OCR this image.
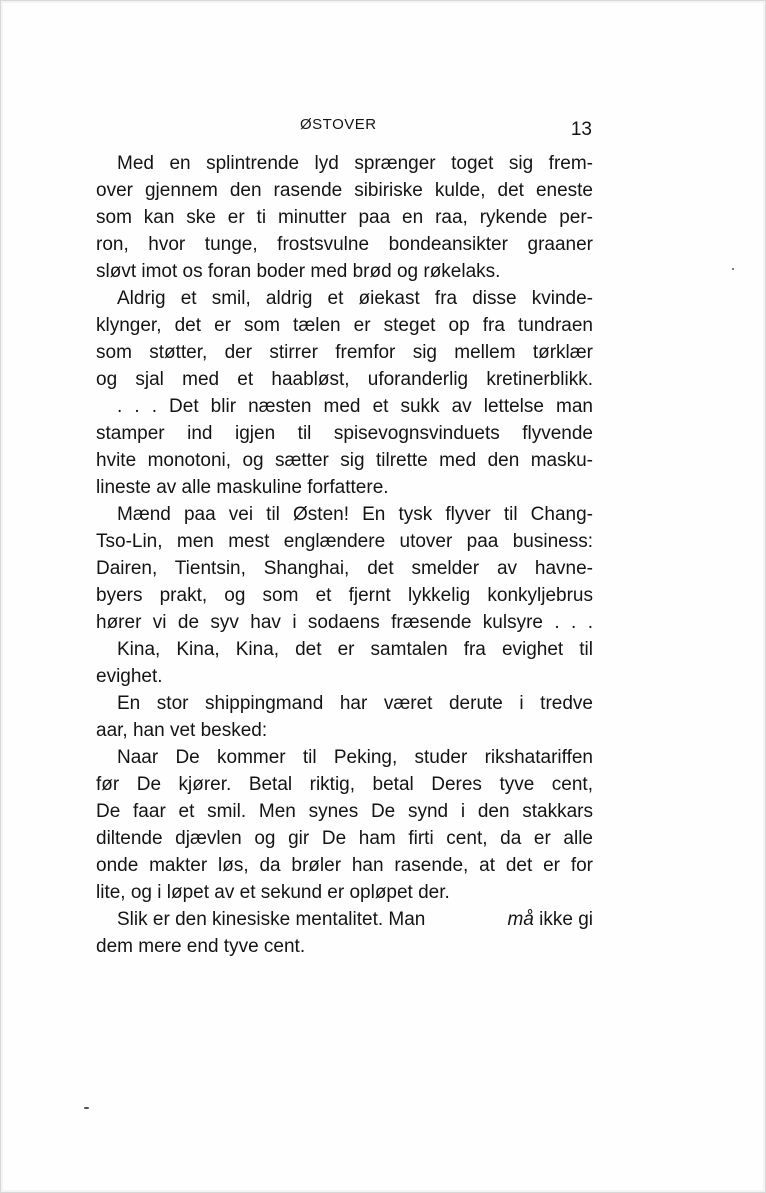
ØSTOVER	13
Med en splintrende lyd sprænger toget sig frem‑
over gjennem den rasende sibiriske kulde, det eneste
som kan ske er ti minutter paa en raa, rykende per‑
ron, hvor tunge, frostsvulne bondeansikter graaner
sløvt imot os foran boder med brød og røkelaks.
Aldrig et smil, aldrig et øiekast fra disse kvinde‑
klynger, det er som tælen er steget op fra tundraen
som støtter, der stirrer fremfor sig mellem tørklær
og sjal med et haabløst, uforanderlig kretinerblikk.
. . . Det blir næsten med et sukk av lettelse man
stamper ind igjen til spisevognsvinduets flyvende
hvite monotoni, og sætter sig tilrette med den masku‑
lineste av alle maskuline forfattere.
Mænd paa vei til Østen! En tysk flyver til Chang‑
Tso‑Lin, men mest englændere utover paa business:
Dairen, Tientsin, Shanghai, det smelder av havne‑
byers prakt, og som et fjernt lykkelig konkyljebrus
hører vi de syv hav i sodaens fræsende kulsyre . . .
Kina, Kina, Kina, det er samtalen fra evighet til
evighet.
En stor shippingmand har været derute i tredve
aar, han vet besked:
Naar De kommer til Peking, studer rikshatariffen
før De kjører. Betal riktig, betal Deres tyve cent,
De faar et smil. Men synes De synd i den stakkars
diltende djævlen og gir De ham firti cent, da er alle
onde makter løs, da brøler han rasende, at det er for
lite, og i løpet av et sekund er opløpet der.
Slik er den kinesiske mentalitet. Man	må ikke gi
dem mere end tyve cent.
